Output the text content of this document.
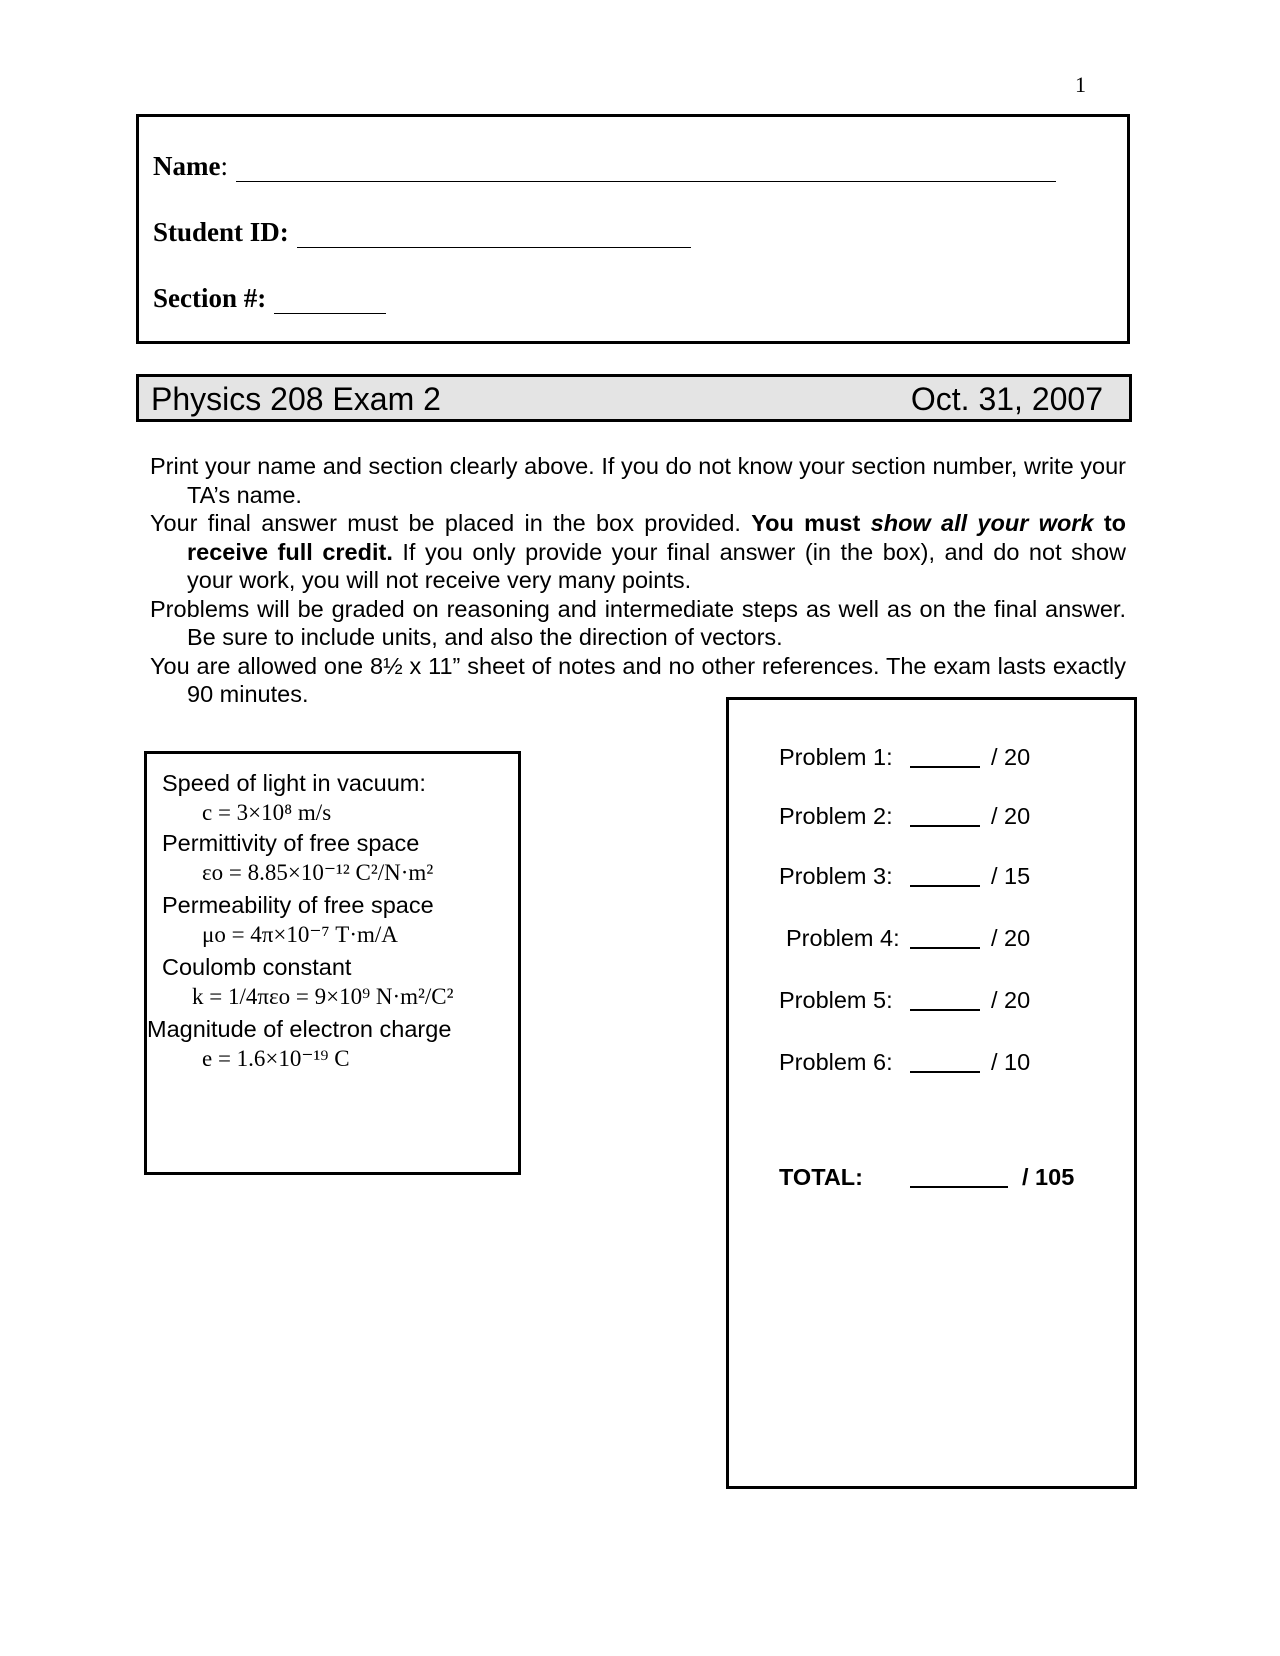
1
Name:
Student ID:
Section #:
Physics 208 Exam 2	Oct. 31, 2007

Print your name and section clearly above. If you do not know your section number, write your TA’s name.

Your final answer must be placed in the box provided. You must show all your work to receive full credit. If you only provide your final answer (in the box), and do not show your work, you will not receive very many points.

Problems will be graded on reasoning and intermediate steps as well as on the final answer. Be sure to include units, and also the direction of vectors.

You are allowed one 8½ x 11” sheet of notes and no other references. The exam lasts exactly 90 minutes.

Speed of light in vacuum:
c = 3×10⁸ m/s
Permittivity of free space
εo = 8.85×10⁻¹² C²/N·m²
Permeability of free space
μo = 4π×10⁻⁷ T·m/A
Coulomb constant
k = 1/4πεo = 9×10⁹ N·m²/C²
Magnitude of electron charge
e = 1.6×10⁻¹⁹ C
Problem 1:	/ 20
Problem 2:	/ 20
Problem 3:	/ 15
Problem 4:	/ 20
Problem 5:	/ 20
Problem 6:	/ 10
TOTAL:	/ 105
